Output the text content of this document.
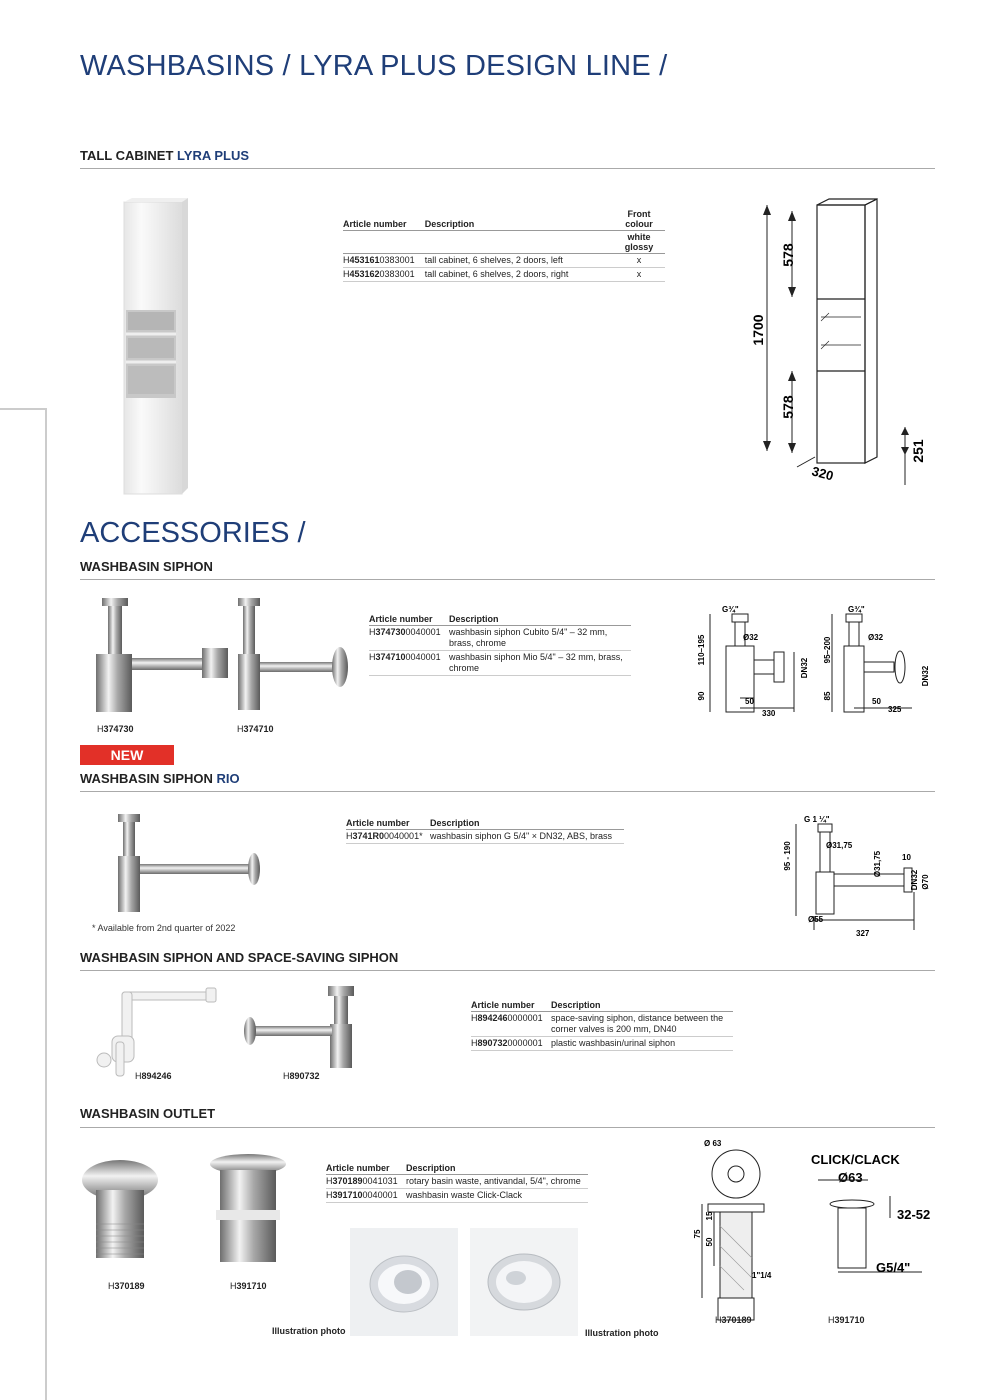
WASHBASINS / LYRA PLUS DESIGN LINE /
TALL CABINET LYRA PLUS
Article number	Description	Front colour
		white glossy
H4531610383001	tall cabinet, 6 shelves, 2 doors, left	x
H4531620383001	tall cabinet, 6 shelves, 2 doors, right	x
1700
578
578
320
251
ACCESSORIES /
WASHBASIN SIPHON
H374730	H374710
Article number	Description
H3747300040001	washbasin siphon Cubito 5/4" – 32 mm, brass, chrome
H3747100040001	washbasin siphon Mio 5/4" – 32 mm, brass, chrome
G¾"
Ø32
110–195
90
DN32
50
330
G¾"
Ø32
95–200
85
DN32
50
325
NEW
WASHBASIN SIPHON RIO
* Available from 2nd quarter of 2022
Article number	Description
H3741R00040001*	washbasin siphon G 5/4" × DN32, ABS, brass
G 1 ¼"
Ø31,75
Ø31,75
95 - 190	10
DN32 Ø70
Ø55
327
WASHBASIN SIPHON AND SPACE-SAVING SIPHON
H894246	H890732
Article number	Description
H8942460000001	space-saving siphon, distance between the corner valves is 200 mm, DN40
H8907320000001	plastic washbasin/urinal siphon
WASHBASIN OUTLET
H370189	H391710
Article number	Description
H3701890041031	rotary basin waste, antivandal, 5/4", chrome
H3917100040001	washbasin waste Click-Clack
Illustration photo	Illustration photo
Ø 63
75
50
15
1"1/4
H370189
CLICK/CLACK
Ø63
32-52
G5/4"
H391710
